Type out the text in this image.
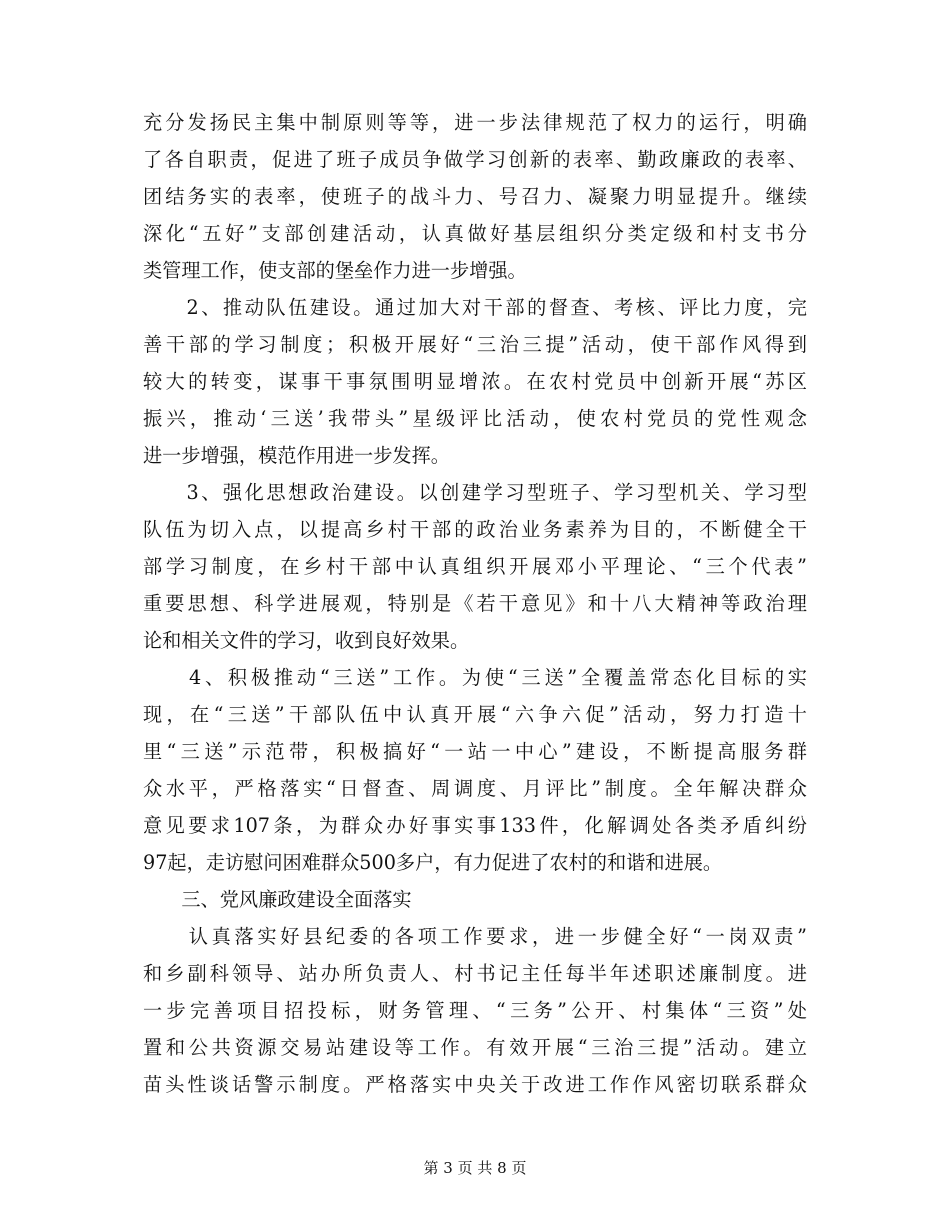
充分发扬民主集中制原则等等，进一步法律规范了权力的运行，明确
了各自职责，促进了班子成员争做学习创新的表率、勤政廉政的表率、
团结务实的表率，使班子的战斗力、号召力、凝聚力明显提升。继续
深化“五好”支部创建活动，认真做好基层组织分类定级和村支书分
类管理工作，使支部的堡垒作力进一步增强。
　　2、推动队伍建设。通过加大对干部的督查、考核、评比力度，完
善干部的学习制度；积极开展好“三治三提”活动，使干部作风得到
较大的转变，谋事干事氛围明显增浓。在农村党员中创新开展“苏区
振兴，推动‘三送’我带头”星级评比活动，使农村党员的党性观念
进一步增强，模范作用进一步发挥。
　　3、强化思想政治建设。以创建学习型班子、学习型机关、学习型
队伍为切入点，以提高乡村干部的政治业务素养为目的，不断健全干
部学习制度，在乡村干部中认真组织开展邓小平理论、“三个代表”
重要思想、科学进展观，特别是《若干意见》和十八大精神等政治理
论和相关文件的学习，收到良好效果。
　　4、积极推动“三送”工作。为使“三送”全覆盖常态化目标的实
现，在“三送”干部队伍中认真开展“六争六促”活动，努力打造十
里“三送”示范带，积极搞好“一站一中心”建设，不断提高服务群
众水平，严格落实“日督查、周调度、月评比”制度。全年解决群众
意见要求107条，为群众办好事实事133件，化解调处各类矛盾纠纷
97起，走访慰问困难群众500多户，有力促进了农村的和谐和进展。
　　三、党风廉政建设全面落实
　　认真落实好县纪委的各项工作要求，进一步健全好“一岗双责”
和乡副科领导、站办所负责人、村书记主任每半年述职述廉制度。进
一步完善项目招投标，财务管理、“三务”公开、村集体“三资”处
置和公共资源交易站建设等工作。有效开展“三治三提”活动。建立
苗头性谈话警示制度。严格落实中央关于改进工作作风密切联系群众
第 3 页 共 8 页
